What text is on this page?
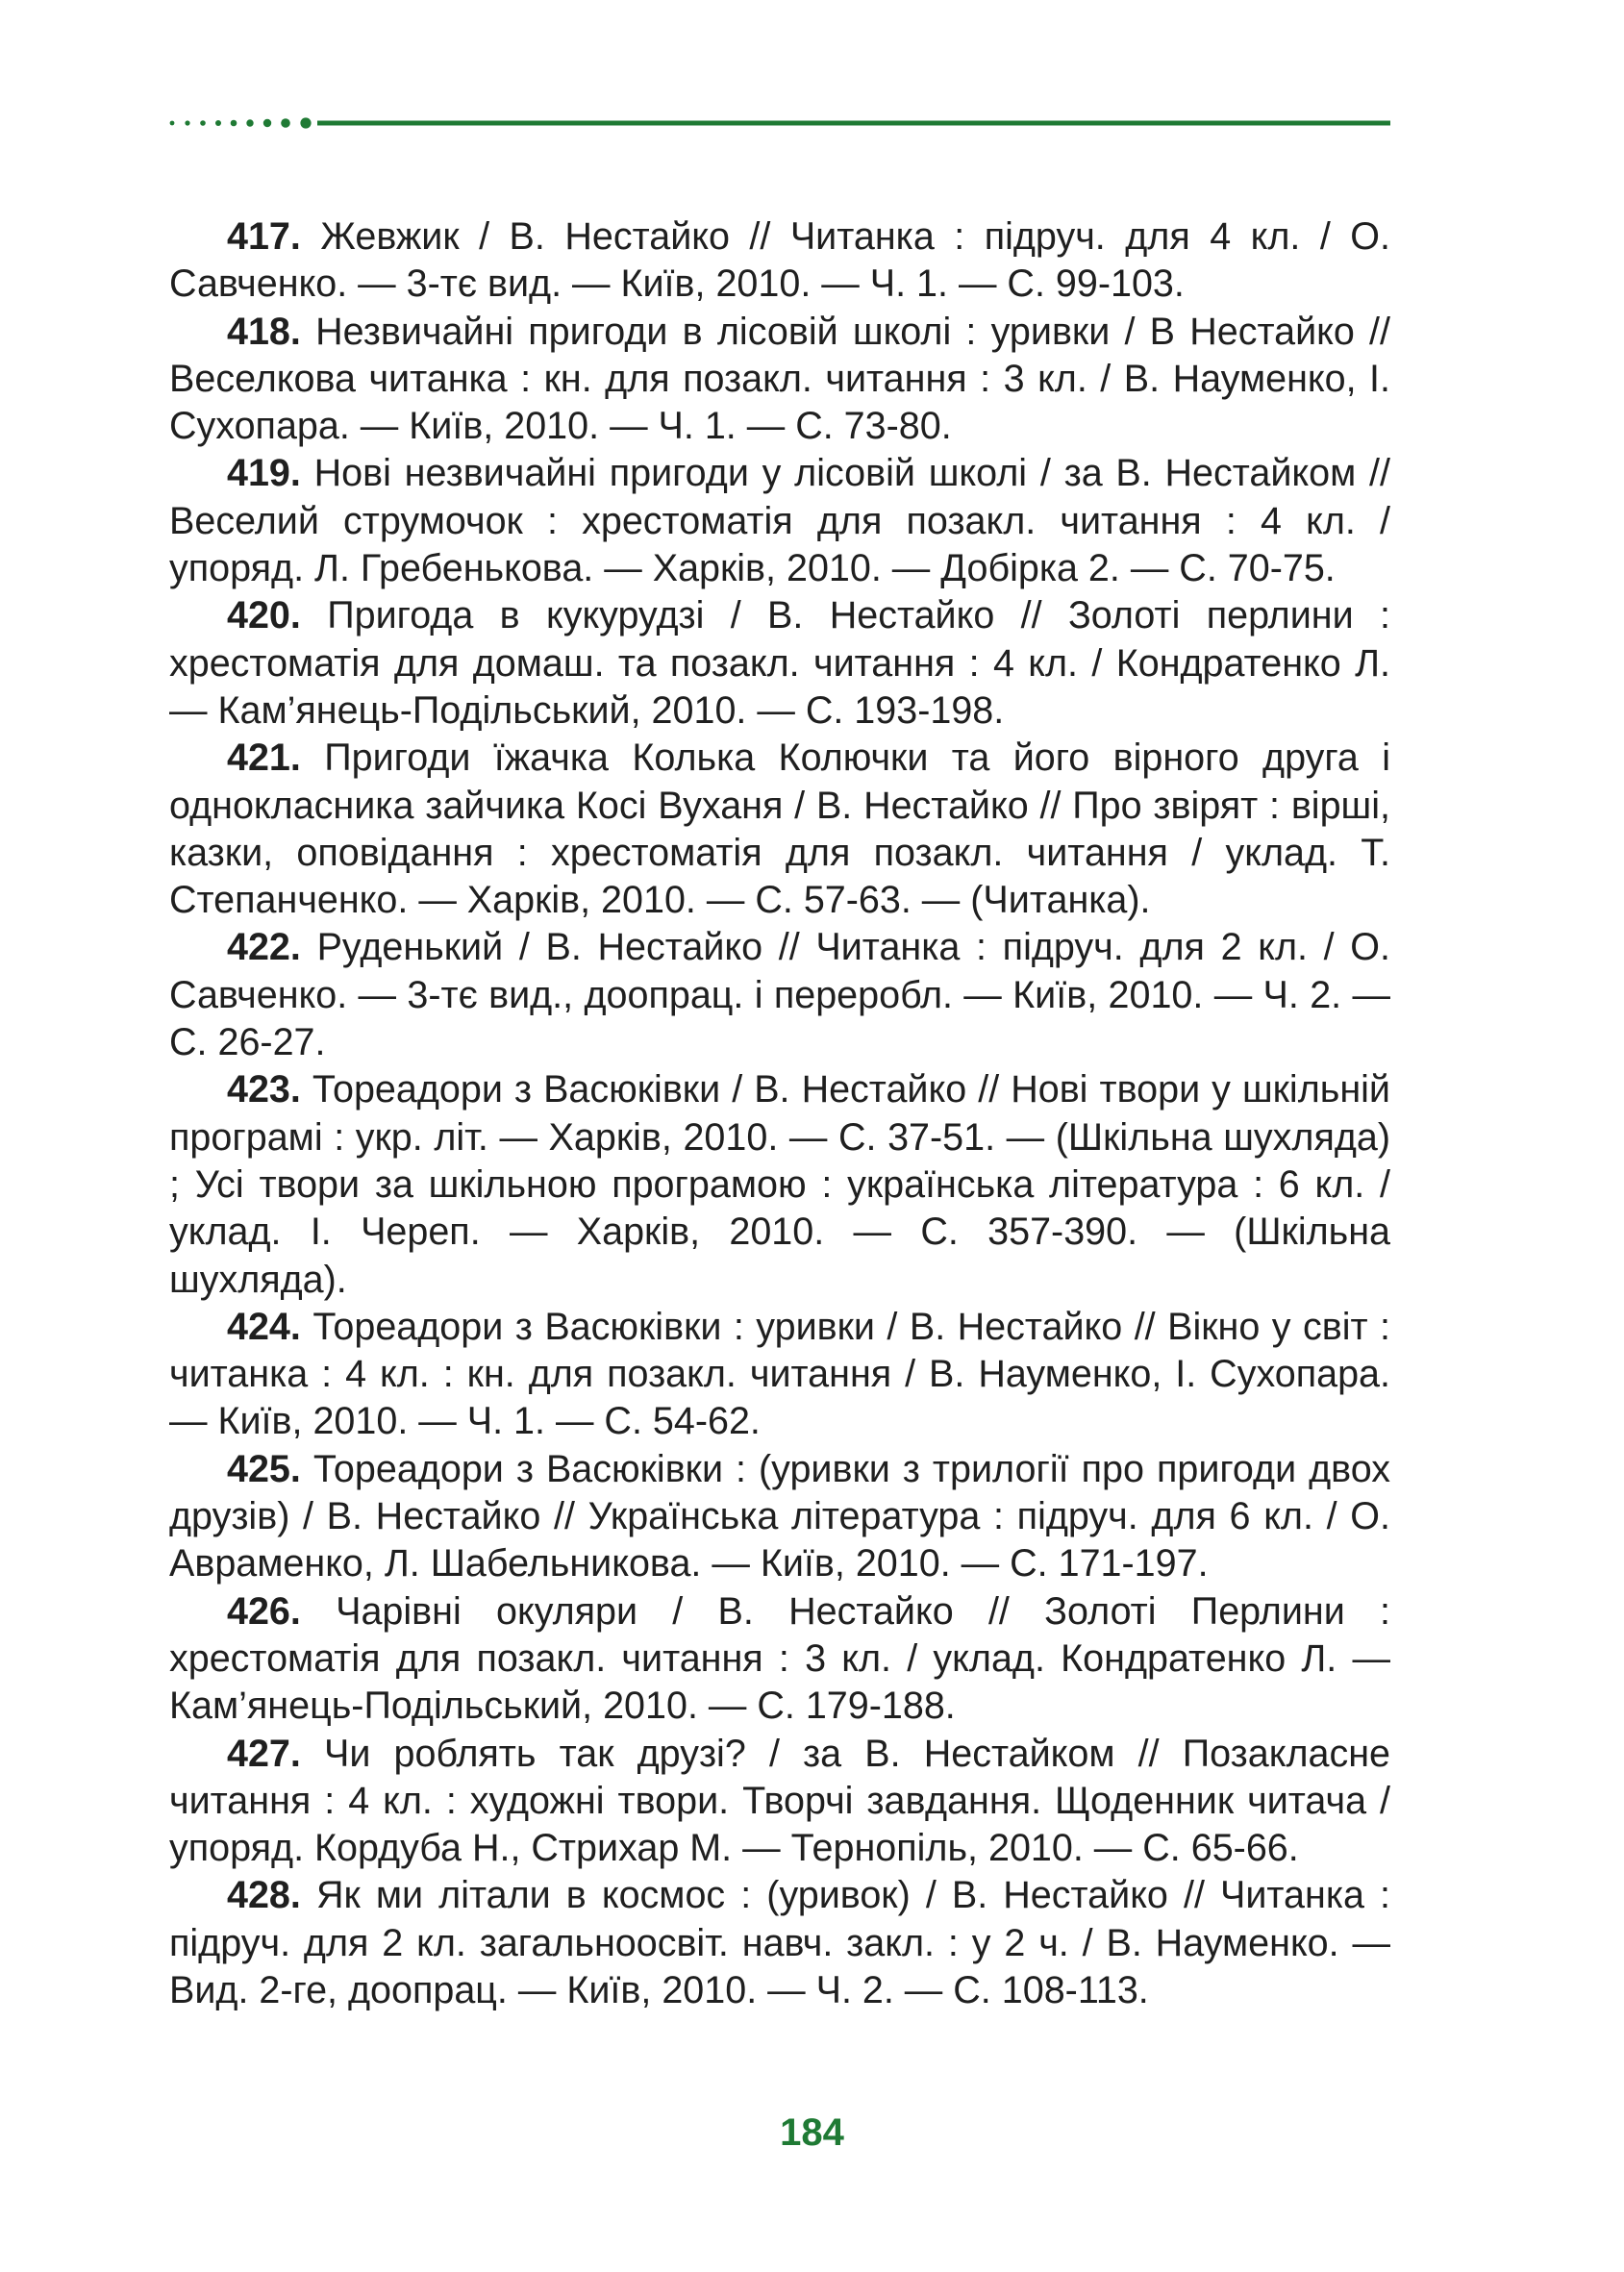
417. Жевжик / В. Нестайко // Читанка : підруч. для 4 кл. / О. Савченко. — 3-тє вид. — Київ, 2010. — Ч. 1. — С. 99-103.

418. Незвичайні пригоди в лісовій школі : уривки / В Нестайко // Веселкова читанка : кн. для позакл. читання : 3 кл. / В. Науменко, І. Сухопара. — Київ, 2010. — Ч. 1. — С. 73-80.

419. Нові незвичайні пригоди у лісовій школі / за В. Нестайком // Веселий струмочок : хрестоматія для позакл. читання : 4 кл. / упоряд. Л. Гребенькова. — Харків, 2010. — Добірка 2. — С. 70-75.

420. Пригода в кукурудзі / В. Нестайко // Золоті перлини : хрестоматія для домаш. та позакл. читання : 4 кл. / Кондратенко Л. — Кам’янець-Подільський, 2010. — С. 193-198.

421. Пригоди їжачка Колька Колючки та його вірного друга і однокласника зайчика Косі Вуханя / В. Нестайко // Про звірят : вірші, казки, оповідання : хрестоматія для позакл. читання / уклад. Т. Степанченко. — Харків, 2010. — С. 57-63. — (Читанка).

422. Руденький / В. Нестайко // Читанка : підруч. для 2 кл. / О. Савченко. — 3-тє вид., доопрац. і переробл. — Київ, 2010. — Ч. 2. — С. 26-27.

423. Тореадори з Васюківки / В. Нестайко // Нові твори у шкільній програмі : укр. літ. — Харків, 2010. — С. 37-51. — (Шкільна шухляда) ; Усі твори за шкільною програмою : українська література : 6 кл. / уклад. І. Череп. — Харків, 2010. — С. 357-390. — (Шкільна шухляда).

424. Тореадори з Васюківки : уривки / В. Нестайко // Вікно у світ : читанка : 4 кл. : кн. для позакл. читання / В. Науменко, І. Сухопара. — Київ, 2010. — Ч. 1. — С. 54-62.

425. Тореадори з Васюківки : (уривки з трилогії про пригоди двох друзів) / В. Нестайко // Українська література : підруч. для 6 кл. / О. Авраменко, Л. Шабельникова. — Київ, 2010. — С. 171-197.

426. Чарівні окуляри / В. Нестайко // Золоті Перлини : хрестоматія для позакл. читання : 3 кл. / уклад. Кондратенко Л. — Кам’янець-Подільський, 2010. — С. 179-188.

427. Чи роблять так друзі? / за В. Нестайком // Позакласне читання : 4 кл. : художні твори. Творчі завдання. Щоденник читача / упоряд. Кордуба Н., Стрихар М. — Тернопіль, 2010. — С. 65-66.

428. Як ми літали в космос : (уривок) / В. Нестайко // Читанка : підруч. для 2 кл. загальноосвіт. навч. закл. : у 2 ч. / В. Науменко. — Вид. 2-ге, доопрац. — Київ, 2010. — Ч. 2. — С. 108-113.

184
